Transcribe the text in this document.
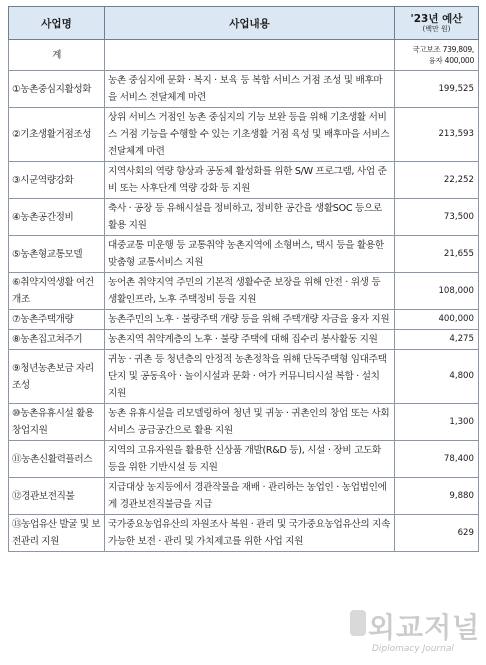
사업명	사업내용	'23년 예산
(백만 원)

계		국고보조 739,809,
융자 400,000

①농촌중심지활성화	농촌 중심지에 문화 · 복지 · 보육 등 복합 서비스 거점 조성 및 배후마을 서비스 전달체계 마련	199,525
②기초생활거점조성	상위 서비스 거점인 농촌 중심지의 기능 보완 등을 위해 기초생활 서비스 거점 기능을 수행할 수 있는 기초생활 거점 육성 및 배후마을 서비스 전달체계 마련	213,593
③시군역량강화	지역사회의 역량 향상과 공동체 활성화를 위한 S/W 프로그램, 사업 준비 또는 사후단계 역량 강화 등 지원	22,252
④농촌공간정비	축사 · 공장 등 유해시설을 정비하고, 정비한 공간을 생활SOC 등으로 활용 지원	73,500
⑤농촌형교통모델	대중교통 미운행 등 교통취약 농촌지역에 소형버스, 택시 등을 활용한 맞춤형 교통서비스 지원	21,655
⑥취약지역생활 여건개조	농어촌 취약지역 주민의 기본적 생활수준 보장을 위해 안전 · 위생 등 생활인프라, 노후 주택정비 등을 지원	108,000
⑦농촌주택개량	농촌주민의 노후 · 불량주택 개량 등을 위해 주택개량 자금을 융자 지원	400,000
⑧농촌집고쳐주기	농촌지역 취약계층의 노후 · 불량 주택에 대해 집수리 봉사활동 지원	4,275
⑨청년농촌보금 자리조성	귀농 · 귀촌 등 청년층의 안정적 농촌정착을 위해 단독주택형 임대주택단지 및 공동육아 · 놀이시설과 문화 · 여가 커뮤니티시설 복합 · 설치 지원	4,800
⑩농촌유휴시설 활용창업지원	농촌 유휴시설을 리모델링하여 청년 및 귀농 · 귀촌인의 창업 또는 사회서비스 공급공간으로 활용 지원	1,300
⑪농촌신활력플러스	지역의 고유자원을 활용한 신상품 개발(R&D 등), 시설 · 장비 고도화 등을 위한 기반시설 등 지원	78,400
⑫경관보전직불	지급대상 농지등에서 경관작물을 재배 · 관리하는 농업인 · 농업법인에게 경관보전직불금을 지급	9,880
⑬농업유산 발굴 및 보전관리 지원	국가중요농업유산의 자원조사 복원 · 관리 및 국가중요농업유산의 지속가능한 보전 · 관리 및 가치제고를 위한 사업 지원	629
외교저널
Diplomacy Journal
